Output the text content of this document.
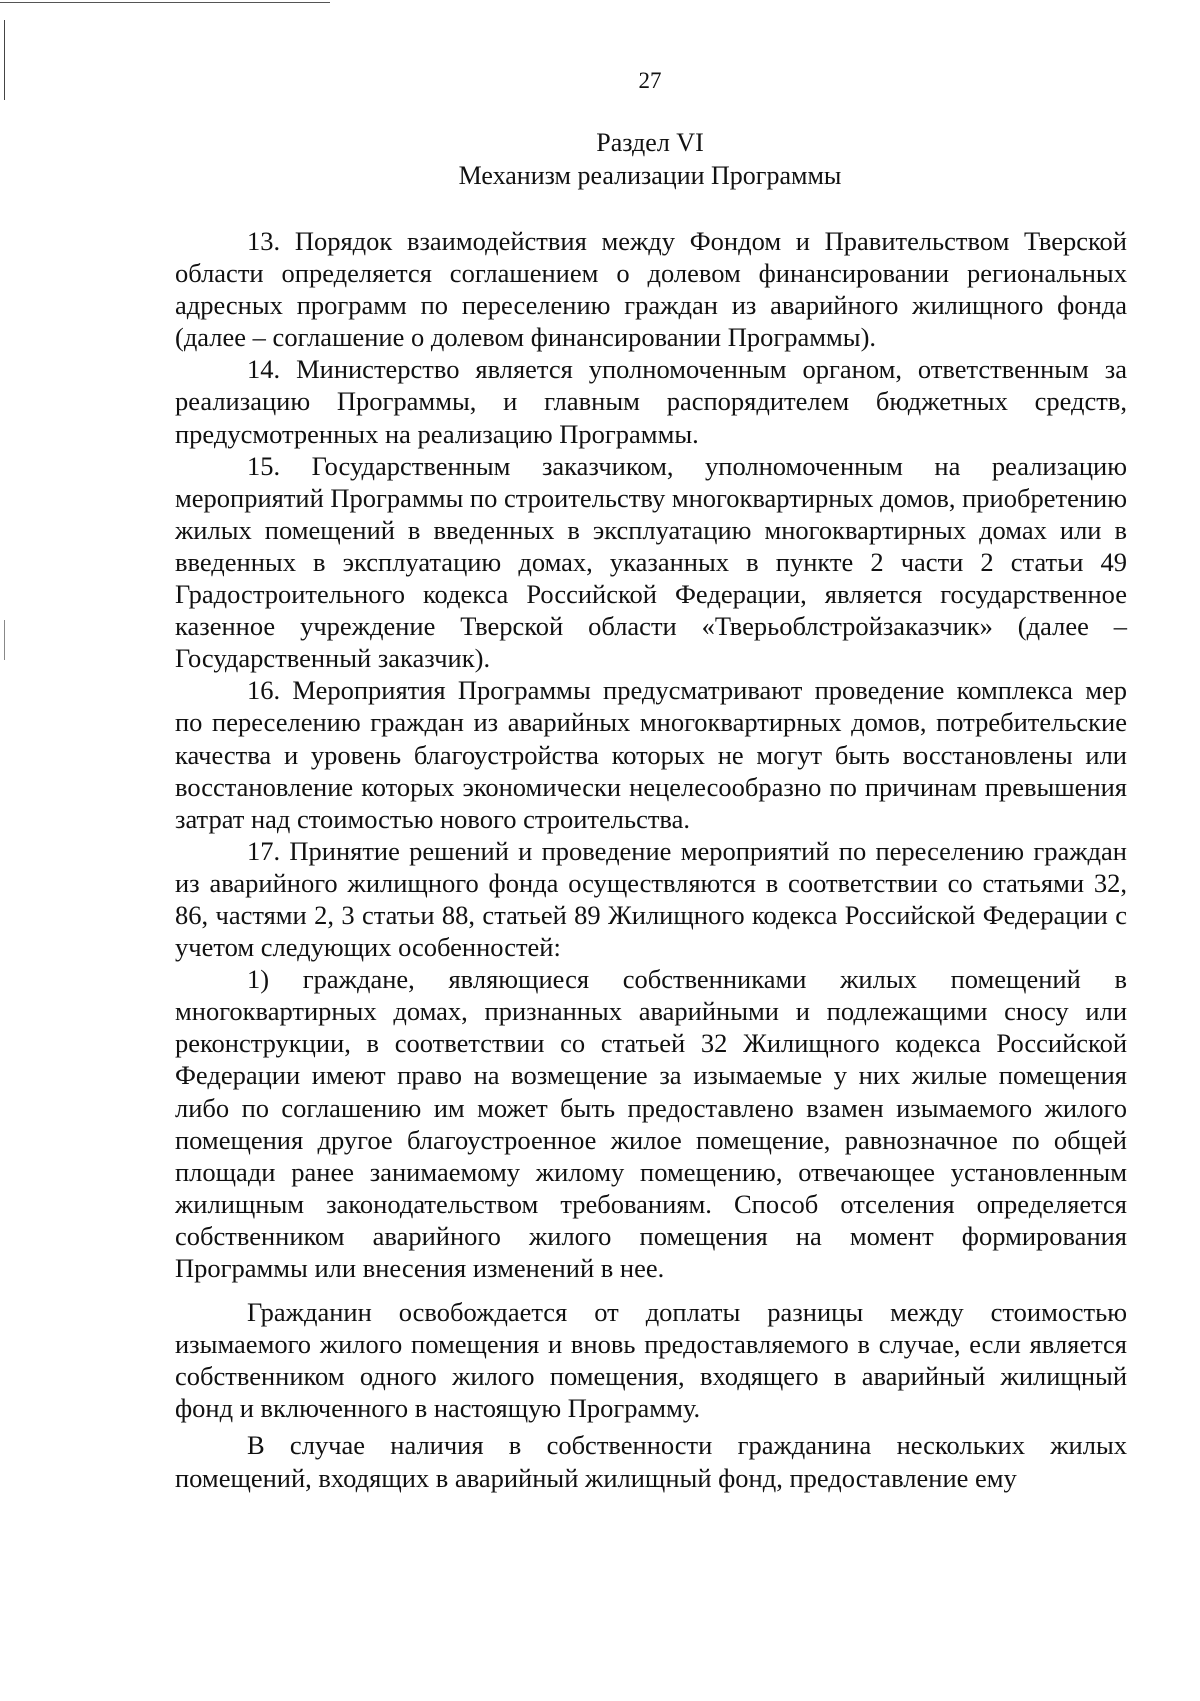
27
Раздел VI
Механизм реализации Программы

13. Порядок взаимодействия между Фондом и Правительством Тверской области определяется соглашением о долевом финансировании региональных адресных программ по переселению граждан из аварийного жилищного фонда (далее – соглашение о долевом финансировании Программы).

14. Министерство является уполномоченным органом, ответственным за реализацию Программы, и главным распорядителем бюджетных средств, предусмотренных на реализацию Программы.

15. Государственным заказчиком, уполномоченным на реализацию мероприятий Программы по строительству многоквартирных домов, приобретению жилых помещений в введенных в эксплуатацию многоквартирных домах или в введенных в эксплуатацию домах, указанных в пункте 2 части 2 статьи 49 Градостроительного кодекса Российской Федерации, является государственное казенное учреждение Тверской области «Тверьоблстройзаказчик» (далее – Государственный заказчик).

16. Мероприятия Программы предусматривают проведение комплекса мер по переселению граждан из аварийных многоквартирных домов, потребительские качества и уровень благоустройства которых не могут быть восстановлены или восстановление которых экономически нецелесообразно по причинам превышения затрат над стоимостью нового строительства.

17. Принятие решений и проведение мероприятий по переселению граждан из аварийного жилищного фонда осуществляются в соответствии со статьями 32, 86, частями 2, 3 статьи 88, статьей 89 Жилищного кодекса Российской Федерации с учетом следующих особенностей:

1) граждане, являющиеся собственниками жилых помещений в многоквартирных домах, признанных аварийными и подлежащими сносу или реконструкции, в соответствии со статьей 32 Жилищного кодекса Российской Федерации имеют право на возмещение за изымаемые у них жилые помещения либо по соглашению им может быть предоставлено взамен изымаемого жилого помещения другое благоустроенное жилое помещение, равнозначное по общей площади ранее занимаемому жилому помещению, отвечающее установленным жилищным законодательством требованиям. Способ отселения определяется собственником аварийного жилого помещения на момент формирования Программы или внесения изменений в нее.

Гражданин освобождается от доплаты разницы между стоимостью изымаемого жилого помещения и вновь предоставляемого в случае, если является собственником одного жилого помещения, входящего в аварийный жилищный фонд и включенного в настоящую Программу.

В случае наличия в собственности гражданина нескольких жилых помещений, входящих в аварийный жилищный фонд, предоставление ему
